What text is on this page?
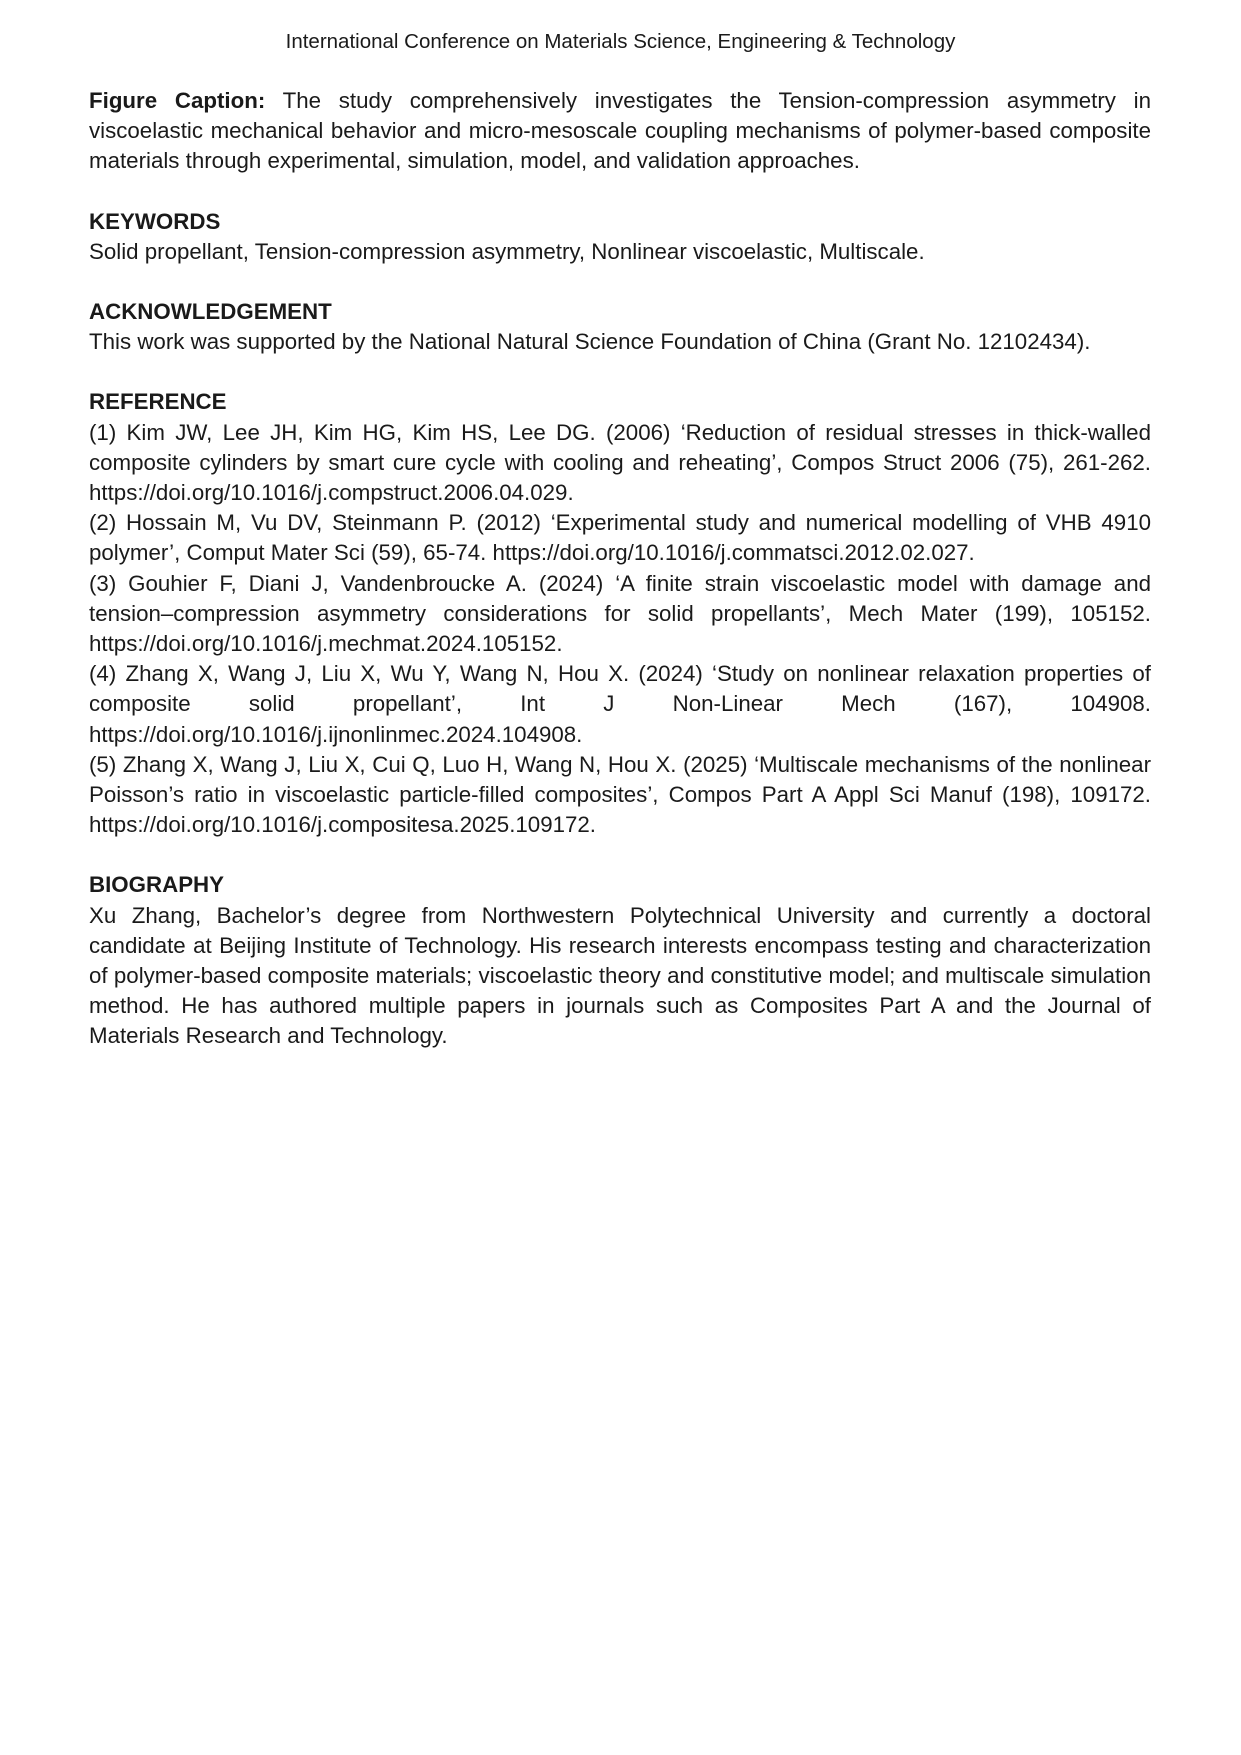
International Conference on Materials Science, Engineering & Technology

Figure Caption: The study comprehensively investigates the Tension-compression asymmetry in viscoelastic mechanical behavior and micro-mesoscale coupling mechanisms of polymer-based composite materials through experimental, simulation, model, and validation approaches.

KEYWORDS

Solid propellant, Tension-compression asymmetry, Nonlinear viscoelastic, Multiscale.

ACKNOWLEDGEMENT

This work was supported by the National Natural Science Foundation of China (Grant No. 12102434).

REFERENCE

(1) Kim JW, Lee JH, Kim HG, Kim HS, Lee DG. (2006) ‘Reduction of residual stresses in thick-walled composite cylinders by smart cure cycle with cooling and reheating’, Compos Struct 2006 (75), 261-262. https://doi.org/10.1016/j.compstruct.2006.04.029.

(2) Hossain M, Vu DV, Steinmann P. (2012) ‘Experimental study and numerical modelling of VHB 4910 polymer’, Comput Mater Sci (59), 65-74. https://doi.org/10.1016/j.commatsci.2012.02.027.

(3) Gouhier F, Diani J, Vandenbroucke A. (2024) ‘A finite strain viscoelastic model with damage and tension–compression asymmetry considerations for solid propellants’, Mech Mater (199), 105152. https://doi.org/10.1016/j.mechmat.2024.105152.

(4) Zhang X, Wang J, Liu X, Wu Y, Wang N, Hou X. (2024) ‘Study on nonlinear relaxation properties of composite solid propellant’, Int J Non-Linear Mech (167), 104908. https://doi.org/10.1016/j.ijnonlinmec.2024.104908.

(5) Zhang X, Wang J, Liu X, Cui Q, Luo H, Wang N, Hou X. (2025) ‘Multiscale mechanisms of the nonlinear Poisson’s ratio in viscoelastic particle-filled composites’, Compos Part A Appl Sci Manuf (198), 109172. https://doi.org/10.1016/j.compositesa.2025.109172.

BIOGRAPHY

Xu Zhang, Bachelor’s degree from Northwestern Polytechnical University and currently a doctoral candidate at Beijing Institute of Technology. His research interests encompass testing and characterization of polymer-based composite materials; viscoelastic theory and constitutive model; and multiscale simulation method. He has authored multiple papers in journals such as Composites Part A and the Journal of Materials Research and Technology.
